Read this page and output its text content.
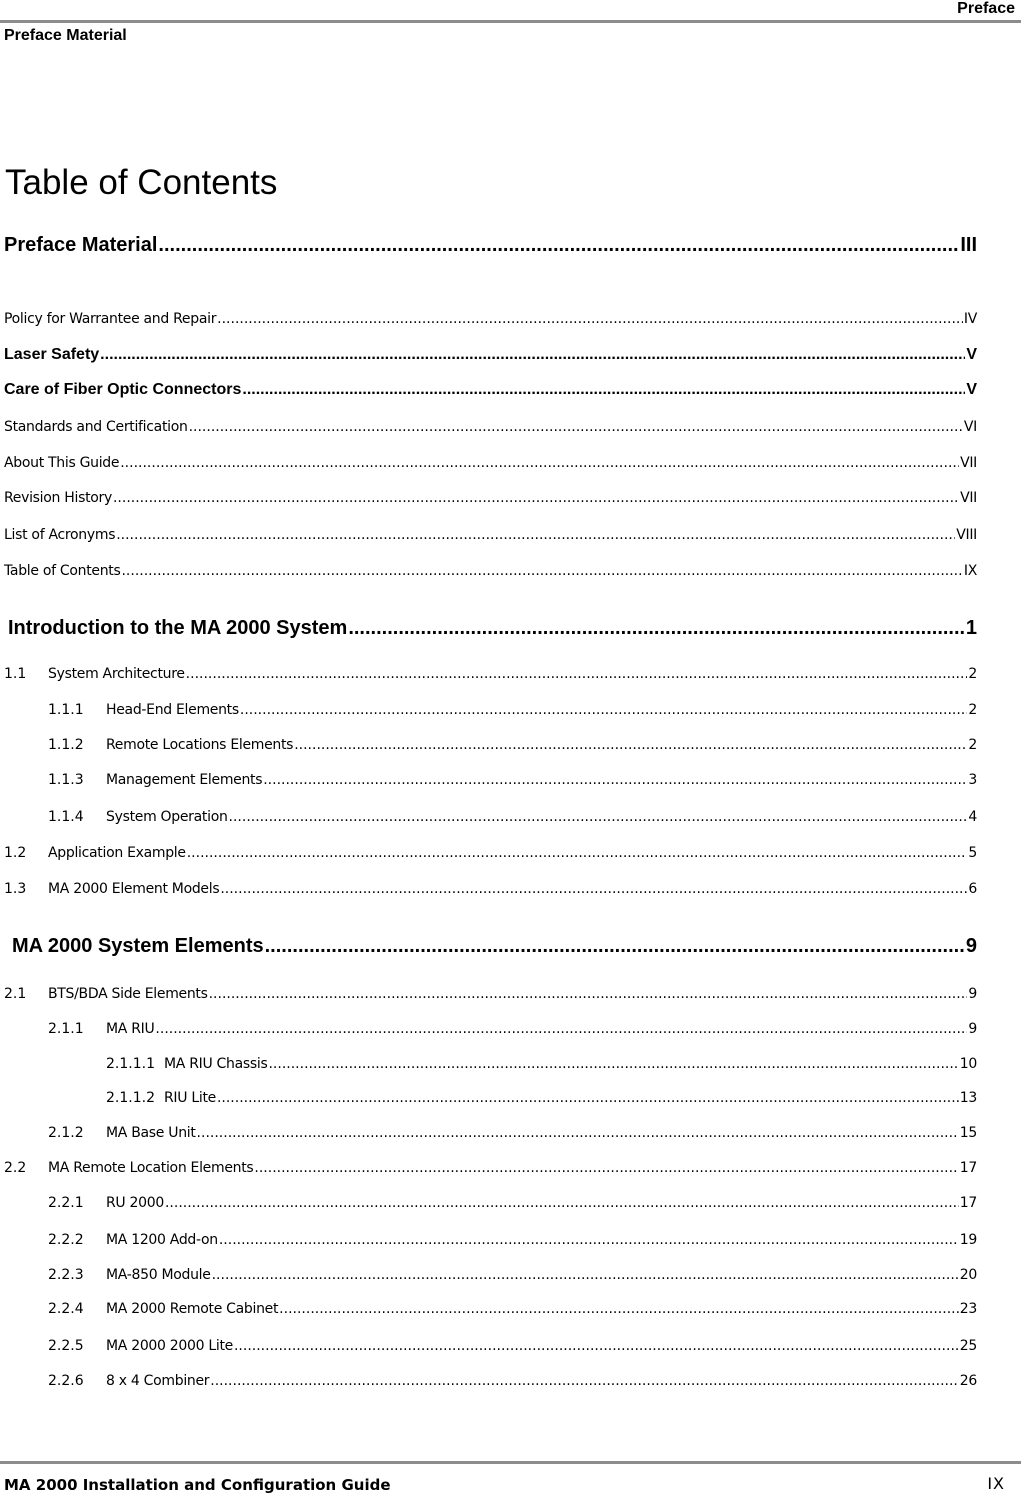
Preface
Preface Material
Table of Contents
Preface Material .....	III
Policy for Warrantee and Repair .....	IV
Laser Safety .....	V
Care of Fiber Optic Connectors .....	V
Standards and Certification .....	VI
About This Guide .....	VII
Revision History .....	VII
List of Acronyms .....	VIII
Table of Contents .....	IX
Introduction to the MA 2000 System .....	1
1.1	System Architecture .....	2
1.1.1	Head-End Elements .....	2
1.1.2	Remote Locations Elements .....	2
1.1.3	Management Elements .....	3
1.1.4	System Operation .....	4
1.2	Application Example .....	5
1.3	MA 2000 Element Models .....	6
MA 2000 System Elements .....	9
2.1	BTS/BDA Side Elements .....	9
2.1.1	MA RIU .....	9
2.1.1.1 MA RIU Chassis .....	10
2.1.1.2 RIU Lite .....	13
2.1.2	MA Base Unit .....	15
2.2	MA Remote Location Elements .....	17
2.2.1	RU 2000 .....	17
2.2.2	MA 1200 Add-on .....	19
2.2.3	MA-850 Module .....	20
2.2.4	MA 2000 Remote Cabinet .....	23
2.2.5	MA 2000 2000 Lite .....	25
2.2.6	8 x 4 Combiner .....	26
MA 2000 Installation and Configuration Guide	IX
